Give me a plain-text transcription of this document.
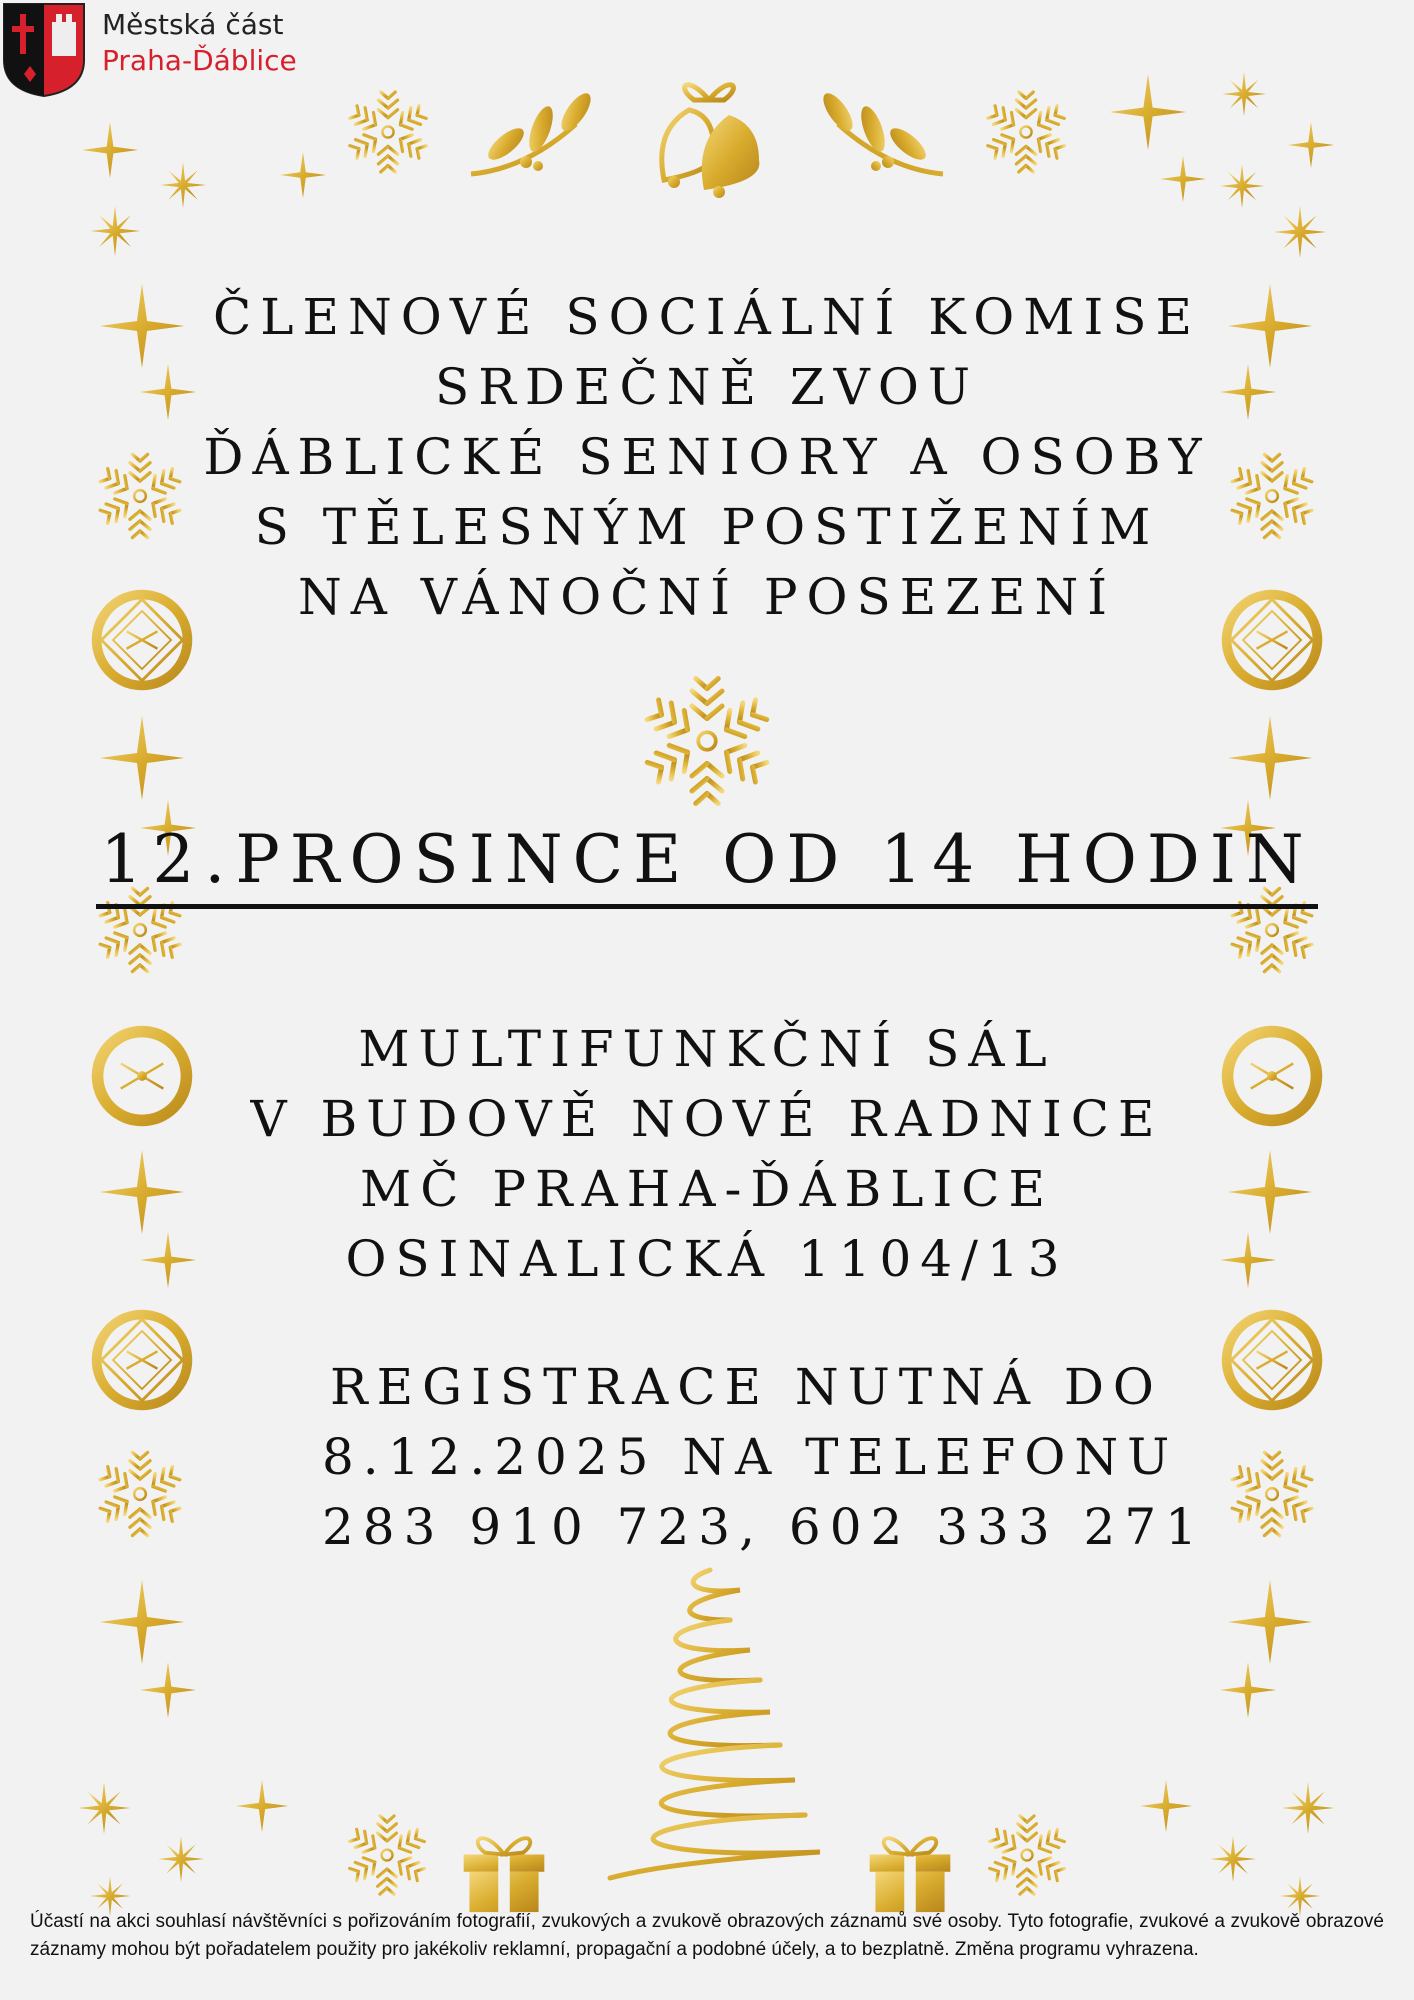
Městská část
Praha-Ďáblice
ČLENOVÉ SOCIÁLNÍ KOMISE
SRDEČNĚ ZVOU
ĎÁBLICKÉ SENIORY A OSOBY
S TĚLESNÝM POSTIŽENÍM
NA VÁNOČNÍ POSEZENÍ
12.PROSINCE OD 14 HODIN
MULTIFUNKČNÍ SÁL
V BUDOVĚ NOVÉ RADNICE
MČ PRAHA-ĎÁBLICE
OSINALICKÁ 1104/13
REGISTRACE NUTNÁ DO
8.12.2025 NA TELEFONU
283 910 723, 602 333 271
Účastí na akci souhlasí návštěvníci s pořizováním fotografií, zvukových a zvukově obrazových záznamů své osoby. Tyto fotografie, zvukové a zvukově obrazové záznamy mohou být pořadatelem použity pro jakékoliv reklamní, propagační a podobné účely, a to bezplatně. Změna programu vyhrazena.
